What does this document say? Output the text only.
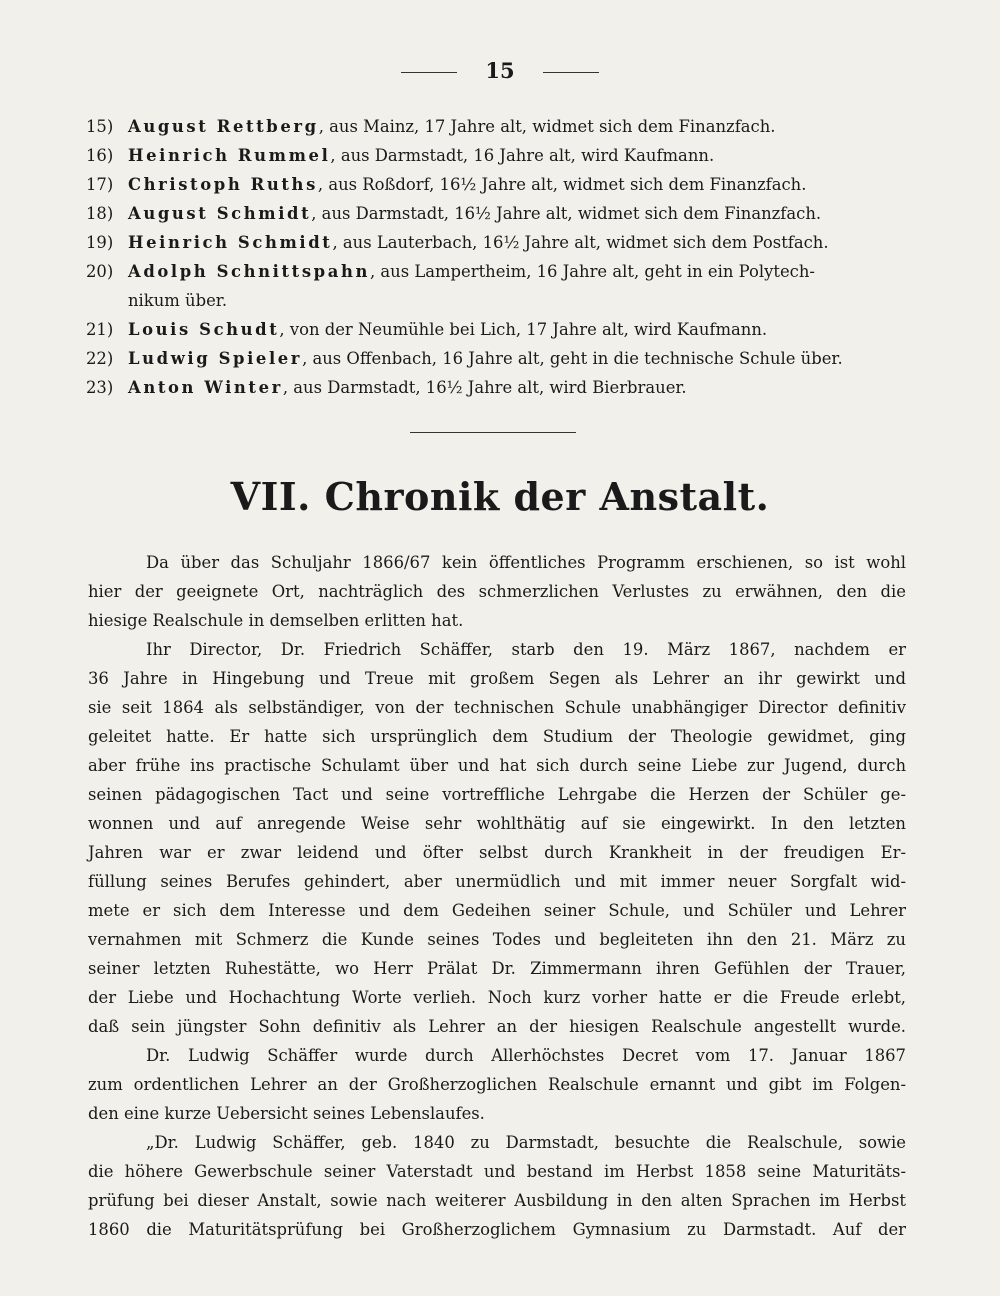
15
15) August Rettberg, aus Mainz, 17 Jahre alt, widmet sich dem Finanzfach.
16) Heinrich Rummel, aus Darmstadt, 16 Jahre alt, wird Kaufmann.
17) Christoph Ruths, aus Roßdorf, 16½ Jahre alt, widmet sich dem Finanzfach.
18) August Schmidt, aus Darmstadt, 16½ Jahre alt, widmet sich dem Finanzfach.
19) Heinrich Schmidt, aus Lauterbach, 16½ Jahre alt, widmet sich dem Postfach.
20) Adolph Schnittspahn, aus Lampertheim, 16 Jahre alt, geht in ein Polytech-
nikum über.
21) Louis Schudt, von der Neumühle bei Lich, 17 Jahre alt, wird Kaufmann.
22) Ludwig Spieler, aus Offenbach, 16 Jahre alt, geht in die technische Schule über.
23) Anton Winter, aus Darmstadt, 16½ Jahre alt, wird Bierbrauer.
VII. Chronik der Anstalt.
Da über das Schuljahr 1866/67 kein öffentliches Programm erschienen, so ist wohl
hier der geeignete Ort, nachträglich des schmerzlichen Verlustes zu erwähnen, den die
hiesige Realschule in demselben erlitten hat.
Ihr Director, Dr. Friedrich Schäffer, starb den 19. März 1867, nachdem er
36 Jahre in Hingebung und Treue mit großem Segen als Lehrer an ihr gewirkt und
sie seit 1864 als selbständiger, von der technischen Schule unabhängiger Director definitiv
geleitet hatte. Er hatte sich ursprünglich dem Studium der Theologie gewidmet, ging
aber frühe ins practische Schulamt über und hat sich durch seine Liebe zur Jugend, durch
seinen pädagogischen Tact und seine vortreffliche Lehrgabe die Herzen der Schüler ge-
wonnen und auf anregende Weise sehr wohlthätig auf sie eingewirkt. In den letzten
Jahren war er zwar leidend und öfter selbst durch Krankheit in der freudigen Er-
füllung seines Berufes gehindert, aber unermüdlich und mit immer neuer Sorgfalt wid-
mete er sich dem Interesse und dem Gedeihen seiner Schule, und Schüler und Lehrer
vernahmen mit Schmerz die Kunde seines Todes und begleiteten ihn den 21. März zu
seiner letzten Ruhestätte, wo Herr Prälat Dr. Zimmermann ihren Gefühlen der Trauer,
der Liebe und Hochachtung Worte verlieh. Noch kurz vorher hatte er die Freude erlebt,
daß sein jüngster Sohn definitiv als Lehrer an der hiesigen Realschule angestellt wurde.
Dr. Ludwig Schäffer wurde durch Allerhöchstes Decret vom 17. Januar 1867
zum ordentlichen Lehrer an der Großherzoglichen Realschule ernannt und gibt im Folgen-
den eine kurze Uebersicht seines Lebenslaufes.
„Dr. Ludwig Schäffer, geb. 1840 zu Darmstadt, besuchte die Realschule, sowie
die höhere Gewerbschule seiner Vaterstadt und bestand im Herbst 1858 seine Maturitäts-
prüfung bei dieser Anstalt, sowie nach weiterer Ausbildung in den alten Sprachen im Herbst
1860 die Maturitätsprüfung bei Großherzoglichem Gymnasium zu Darmstadt. Auf der
